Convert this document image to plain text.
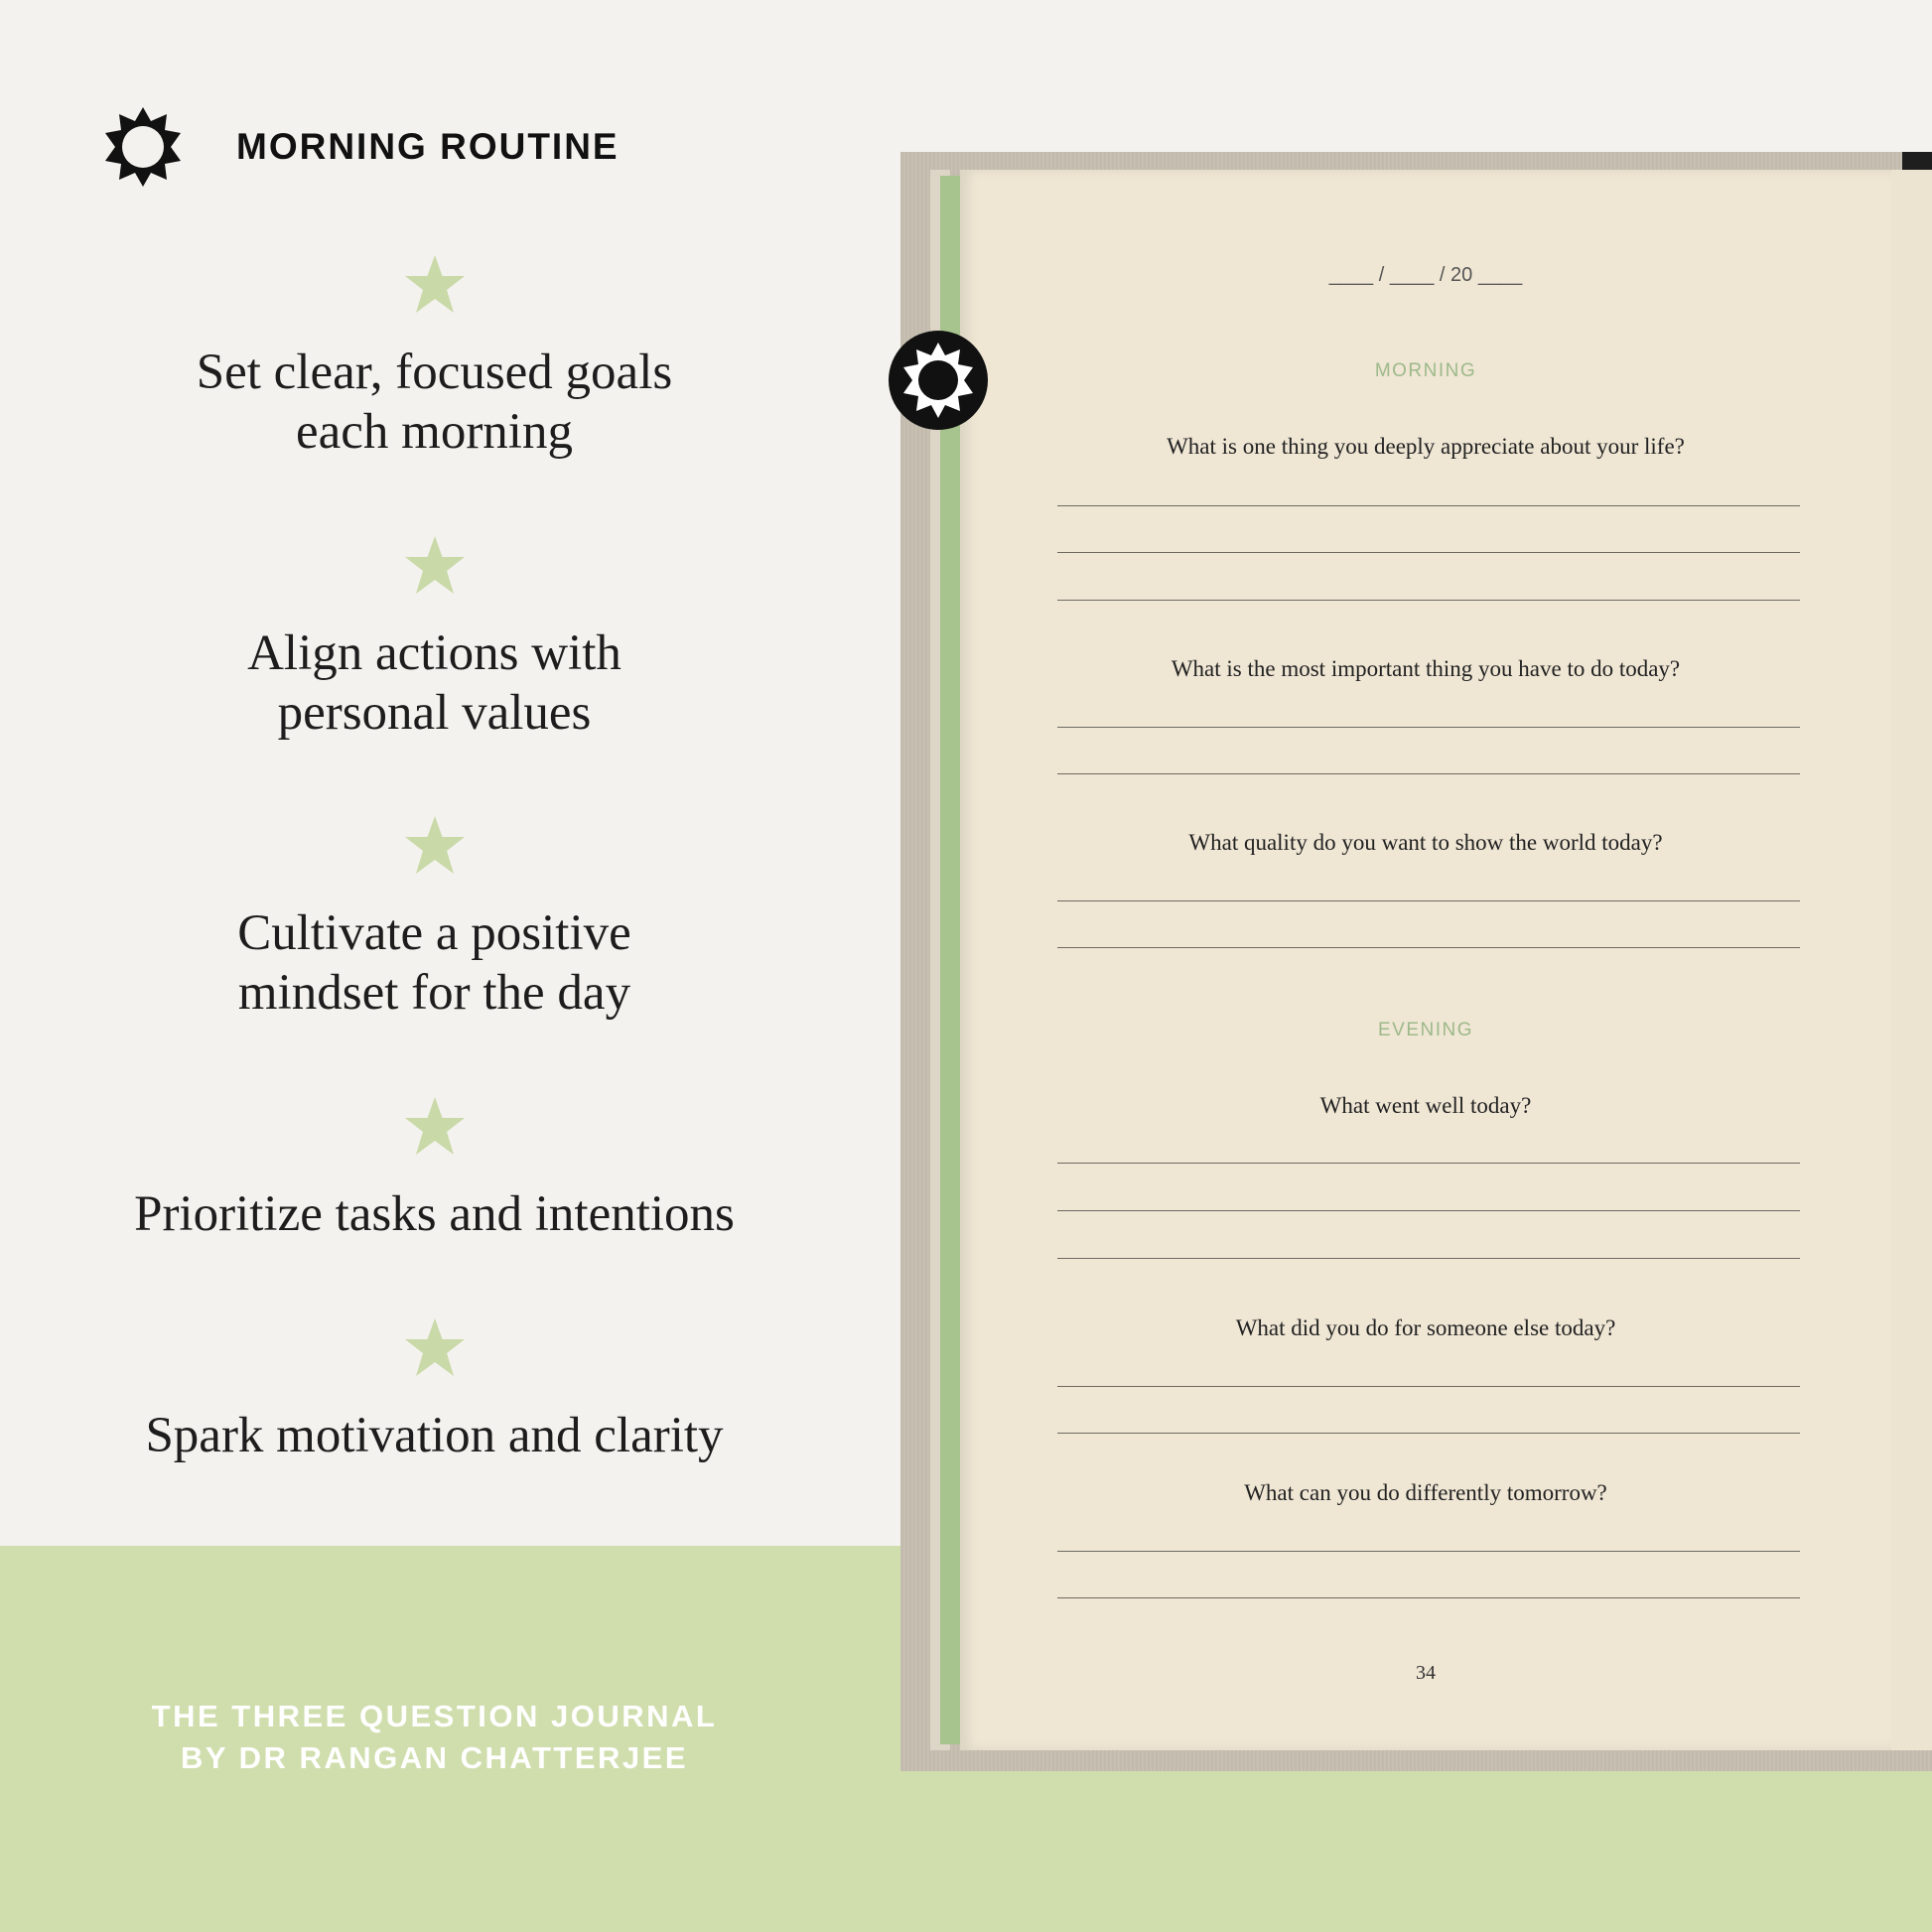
MORNING ROUTINE
Set clear, focused goals
each morning
Align actions with
personal values
Cultivate a positive
mindset for the day
Prioritize tasks and intentions
Spark motivation and clarity
THE THREE QUESTION JOURNAL
BY DR RANGAN CHATTERJEE
____ / ____ / 20 ____
MORNING
What is one thing you deeply appreciate about your life?
What is the most important thing you have to do today?
What quality do you want to show the world today?
EVENING
What went well today?
What did you do for someone else today?
What can you do differently tomorrow?
34
